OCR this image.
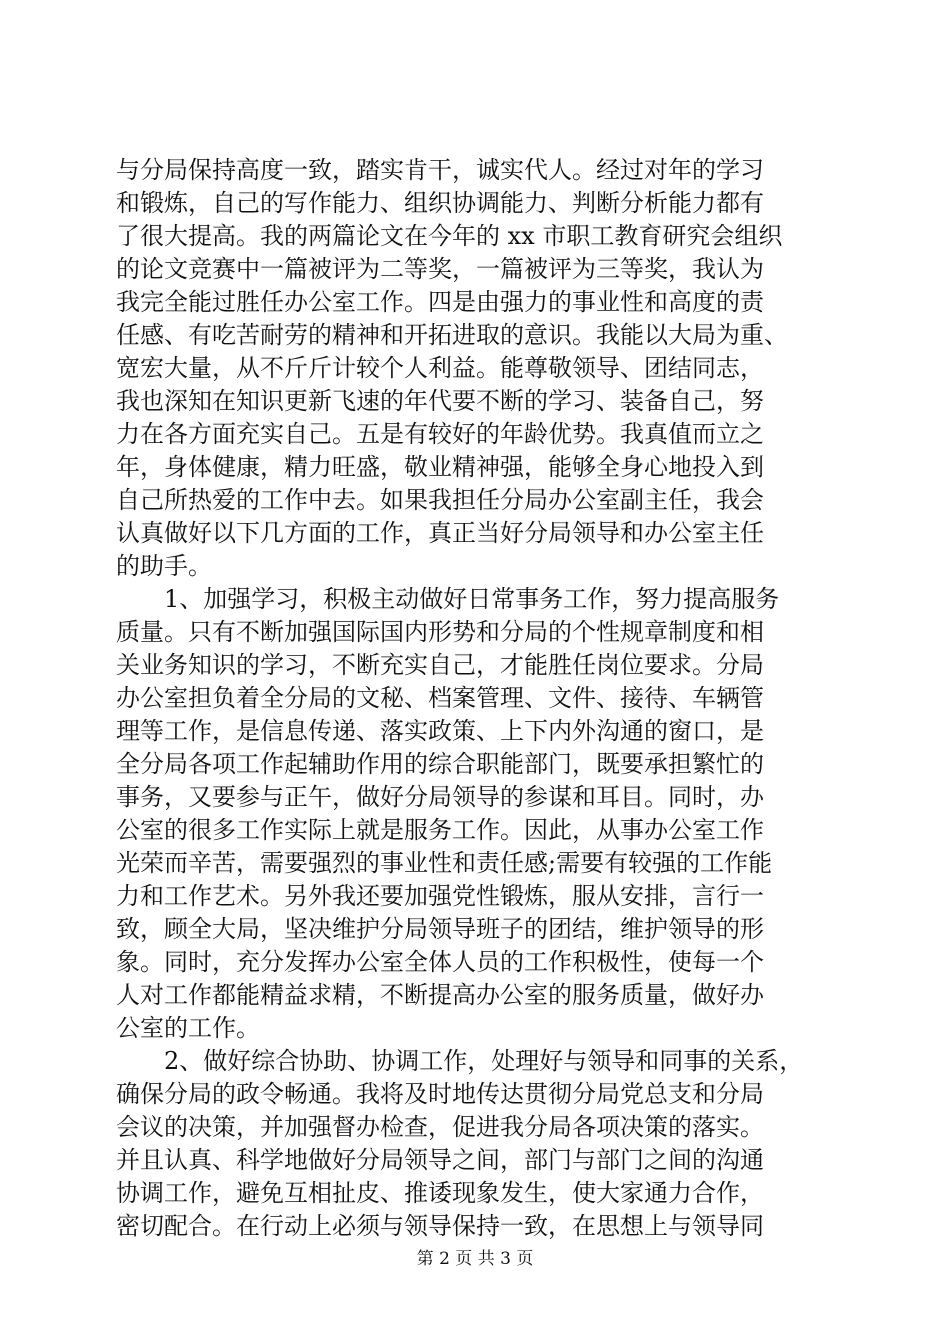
与分局保持高度一致，踏实肯干，诚实代人。经过对年的学习
和锻炼，自己的写作能力、组织协调能力、判断分析能力都有
了很大提高。我的两篇论文在今年的 xx 市职工教育研究会组织
的论文竞赛中一篇被评为二等奖，一篇被评为三等奖，我认为
我完全能过胜任办公室工作。四是由强力的事业性和高度的责
任感、有吃苦耐劳的精神和开拓进取的意识。我能以大局为重、
宽宏大量，从不斤斤计较个人利益。能尊敬领导、团结同志，
我也深知在知识更新飞速的年代要不断的学习、装备自己，努
力在各方面充实自己。五是有较好的年龄优势。我真值而立之
年，身体健康，精力旺盛，敬业精神强，能够全身心地投入到
自己所热爱的工作中去。如果我担任分局办公室副主任，我会
认真做好以下几方面的工作，真正当好分局领导和办公室主任
的助手。
1、加强学习，积极主动做好日常事务工作，努力提高服务
质量。只有不断加强国际国内形势和分局的个性规章制度和相
关业务知识的学习，不断充实自己，才能胜任岗位要求。分局
办公室担负着全分局的文秘、档案管理、文件、接待、车辆管
理等工作，是信息传递、落实政策、上下内外沟通的窗口，是
全分局各项工作起辅助作用的综合职能部门，既要承担繁忙的
事务，又要参与正午，做好分局领导的参谋和耳目。同时，办
公室的很多工作实际上就是服务工作。因此，从事办公室工作
光荣而辛苦，需要强烈的事业性和责任感;需要有较强的工作能
力和工作艺术。另外我还要加强党性锻炼，服从安排，言行一
致，顾全大局，坚决维护分局领导班子的团结，维护领导的形
象。同时，充分发挥办公室全体人员的工作积极性，使每一个
人对工作都能精益求精，不断提高办公室的服务质量，做好办
公室的工作。
2、做好综合协助、协调工作，处理好与领导和同事的关系，
确保分局的政令畅通。我将及时地传达贯彻分局党总支和分局
会议的决策，并加强督办检查，促进我分局各项决策的落实。
并且认真、科学地做好分局领导之间，部门与部门之间的沟通
协调工作，避免互相扯皮、推诿现象发生，使大家通力合作，
密切配合。在行动上必须与领导保持一致，在思想上与领导同
第 2 页 共 3 页
